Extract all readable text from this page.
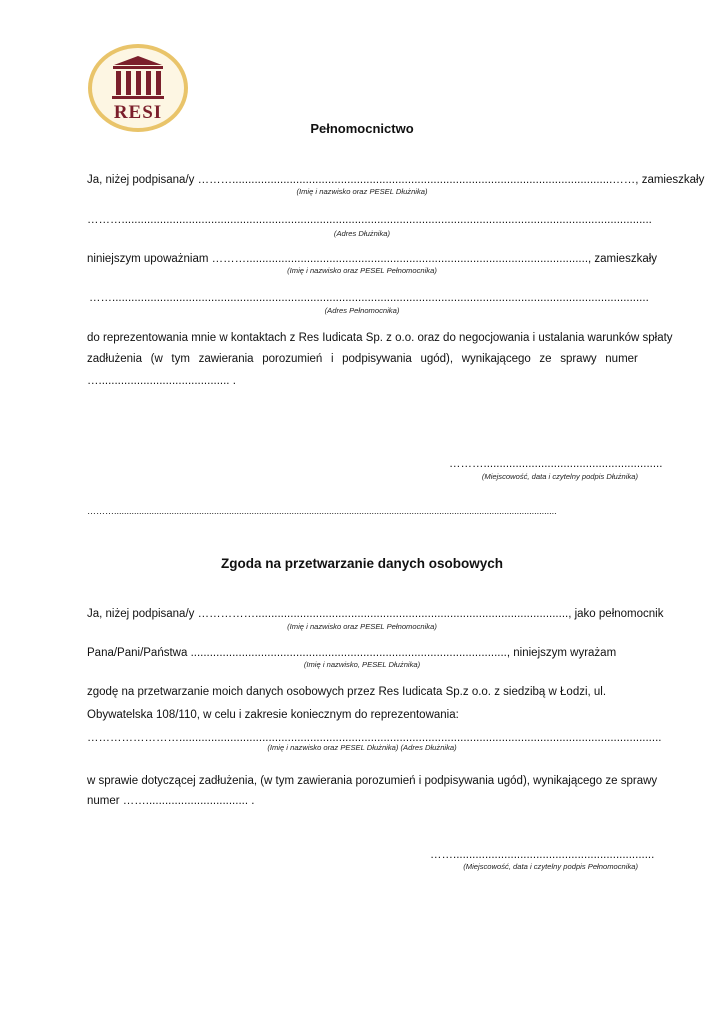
RESI
Pełnomocnictwo
Ja, niżej podpisana/y ……….......................................................................................................................……, zamieszkały
(Imię i nazwisko oraz PESEL Dłużnika)
………......................................................................................................................................................................
(Adres Dłużnika)
niniejszym upoważniam ………..........................................................................................................., zamieszkały
(Imię i nazwisko oraz PESEL Pełnomocnika)
……........................................................................................................................................................................
(Adres Pełnomocnika)
do reprezentowania mnie w kontaktach z Res Iudicata Sp. z o.o. oraz do negocjowania i ustalania warunków spłaty
zadłużenia (w tym zawierania porozumień i podpisywania ugód), wynikającego ze sprawy numer
…......................................... .
………........................................................
(Miejscowość, data i czytelny podpis Dłużnika)
……….................................................................................................................................................................................
Zgoda na przetwarzanie danych osobowych
Ja, niżej podpisana/y …………….................................................................................................., jako pełnomocnik
(Imię i nazwisko oraz PESEL Pełnomocnika)
Pana/Pani/Państwa ..................................................................................................., niniejszym wyrażam
(Imię i nazwisko, PESEL Dłużnika)
zgodę na przetwarzanie moich danych osobowych przez Res Iudicata Sp.z o.o. z siedzibą w Łodzi, ul.
Obywatelska 108/110, w celu i zakresie koniecznym do reprezentowania:
…………………….......................................................................................................................................................
(Imię i nazwisko oraz PESEL Dłużnika) (Adres Dłużnika)
w sprawie dotyczącej zadłużenia, (w tym zawierania porozumień i podpisywania ugód), wynikającego ze sprawy
numer ……................................ .
……...............................................................
(Miejscowość, data i czytelny podpis Pełnomocnika)
